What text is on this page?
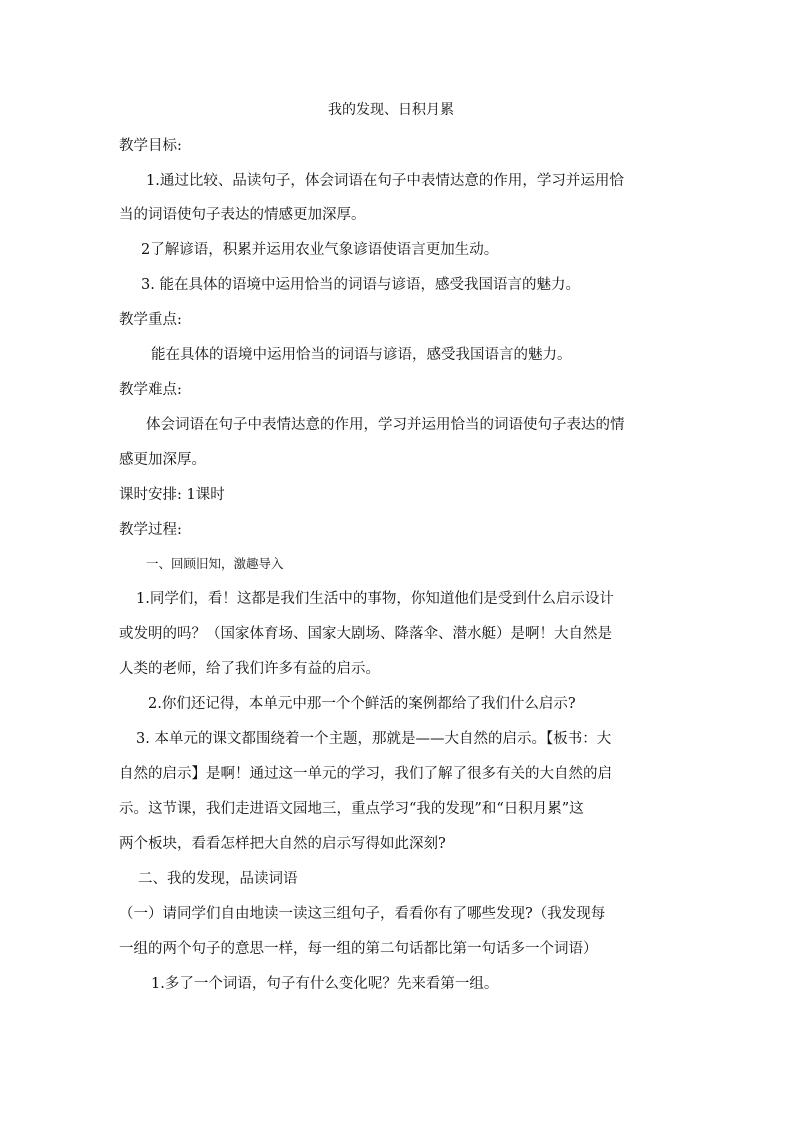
我的发现、日积月累
教学目标:
1.通过比较、品读句子，体会词语在句子中表情达意的作用，学习并运用恰
当的词语使句子表达的情感更加深厚。
2了解谚语，积累并运用农业气象谚语使语言更加生动。
3. 能在具体的语境中运用恰当的词语与谚语，感受我国语言的魅力。
教学重点:
能在具体的语境中运用恰当的词语与谚语，感受我国语言的魅力。
教学难点:
体会词语在句子中表情达意的作用，学习并运用恰当的词语使句子表达的情
感更加深厚。
课时安排: 1课时
教学过程:
一、回顾旧知，激趣导入
1.同学们，看！这都是我们生活中的事物，你知道他们是受到什么启示设计
或发明的吗？（国家体育场、国家大剧场、降落伞、潜水艇）是啊！大自然是
人类的老师，给了我们许多有益的启示。
2.你们还记得，本单元中那一个个鲜活的案例都给了我们什么启示?
3. 本单元的课文都围绕着一个主题，那就是——大自然的启示。【板书：大
自然的启示】是啊！通过这一单元的学习，我们了解了很多有关的大自然的启
示。这节课，我们走进语文园地三，重点学习“我的发现”和“日积月累”这
两个板块，看看怎样把大自然的启示写得如此深刻?
二、我的发现，品读词语
（一）请同学们自由地读一读这三组句子，看看你有了哪些发现?（我发现每
一组的两个句子的意思一样，每一组的第二句话都比第一句话多一个词语）
1.多了一个词语，句子有什么变化呢？先来看第一组。
